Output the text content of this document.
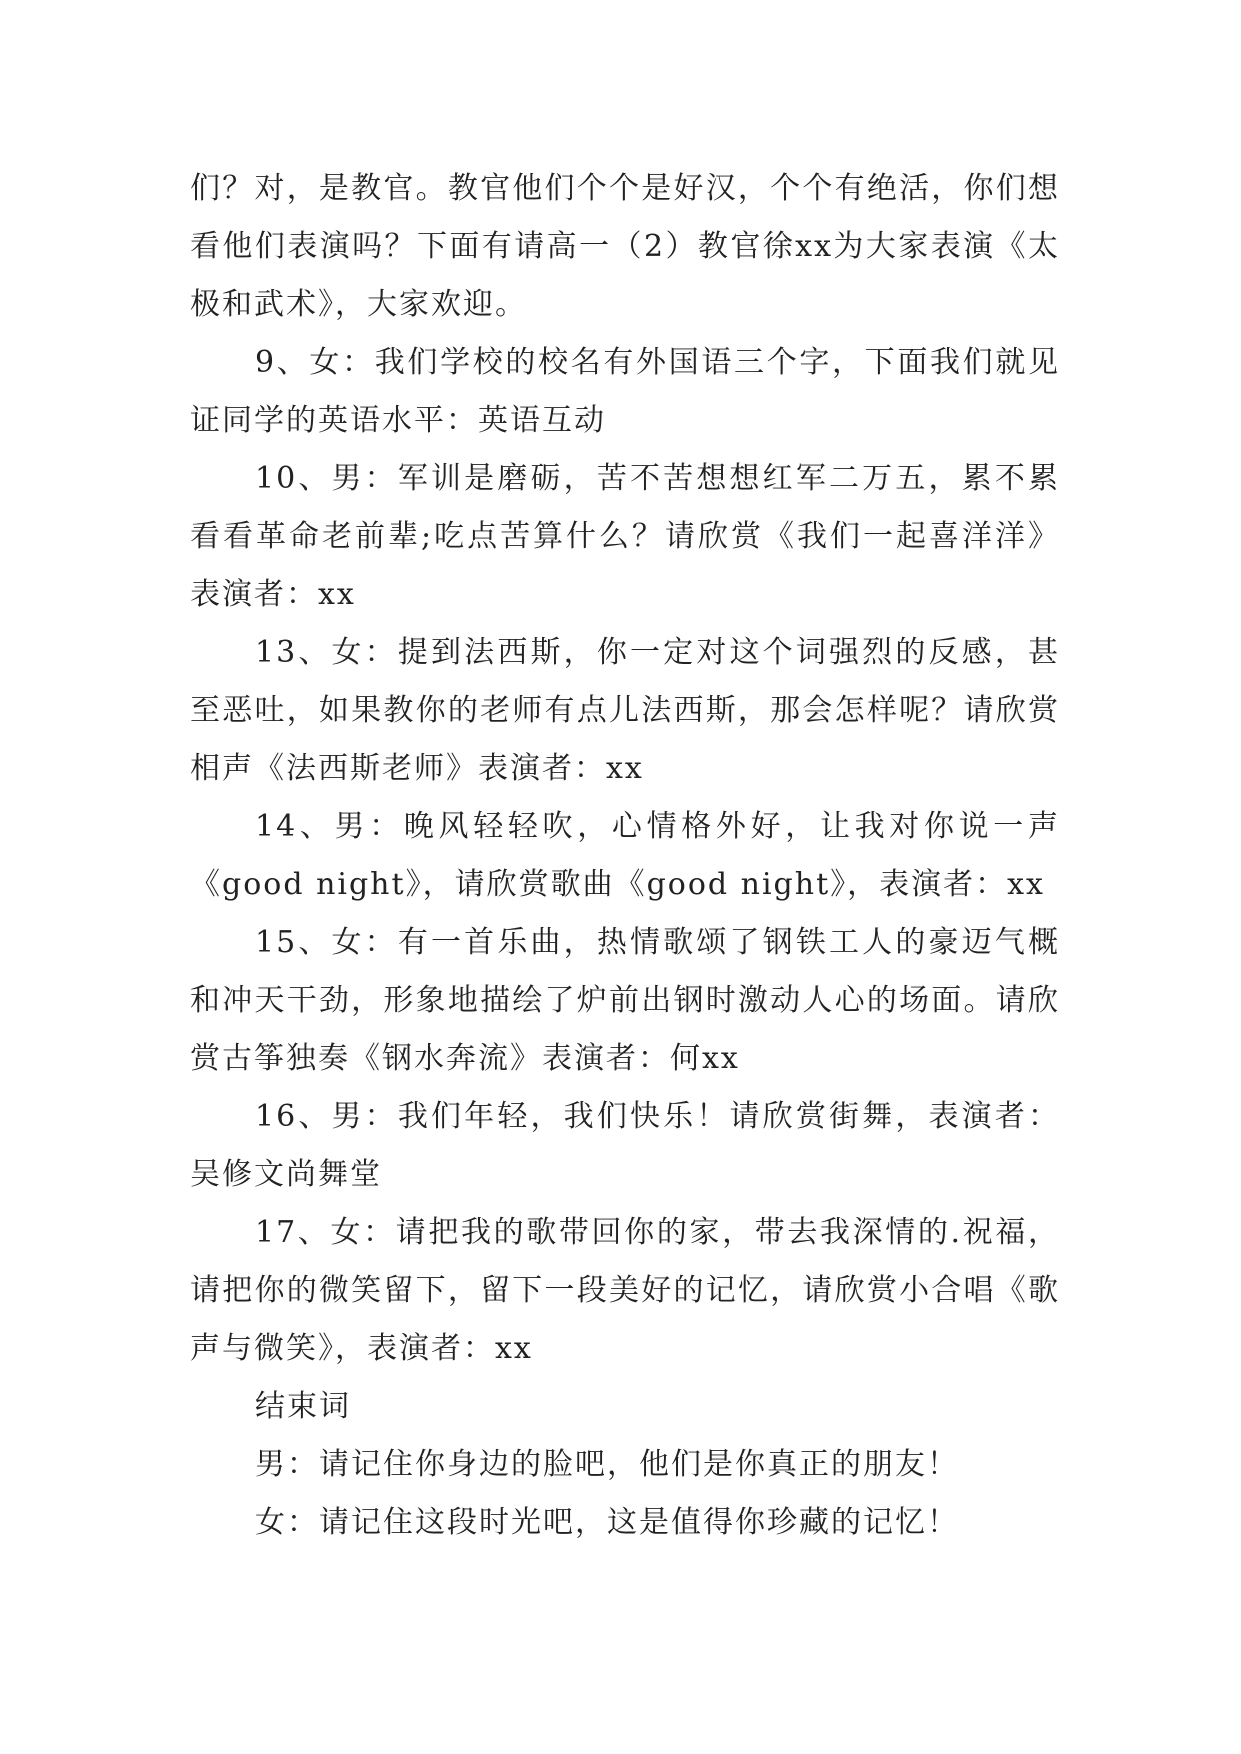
们？对，是教官。教官他们个个是好汉，个个有绝活，你们想看他们表演吗？下面有请高一（2）教官徐xx为大家表演《太极和武术》，大家欢迎。

9、女：我们学校的校名有外国语三个字，下面我们就见证同学的英语水平：英语互动

10、男：军训是磨砺，苦不苦想想红军二万五，累不累看看革命老前辈;吃点苦算什么？请欣赏《我们一起喜洋洋》表演者：xx

13、女：提到法西斯，你一定对这个词强烈的反感，甚至恶吐，如果教你的老师有点儿法西斯，那会怎样呢？请欣赏相声《法西斯老师》表演者：xx

14、男：晚风轻轻吹，心情格外好，让我对你说一声《good night》，请欣赏歌曲《good night》，表演者：xx

15、女：有一首乐曲，热情歌颂了钢铁工人的豪迈气概和冲天干劲，形象地描绘了炉前出钢时激动人心的场面。请欣赏古筝独奏《钢水奔流》表演者：何xx

16、男：我们年轻，我们快乐！请欣赏街舞，表演者：吴修文尚舞堂

17、女：请把我的歌带回你的家，带去我深情的.祝福，请把你的微笑留下，留下一段美好的记忆，请欣赏小合唱《歌声与微笑》，表演者：xx

结束词

男：请记住你身边的脸吧，他们是你真正的朋友！

女：请记住这段时光吧，这是值得你珍藏的记忆！
